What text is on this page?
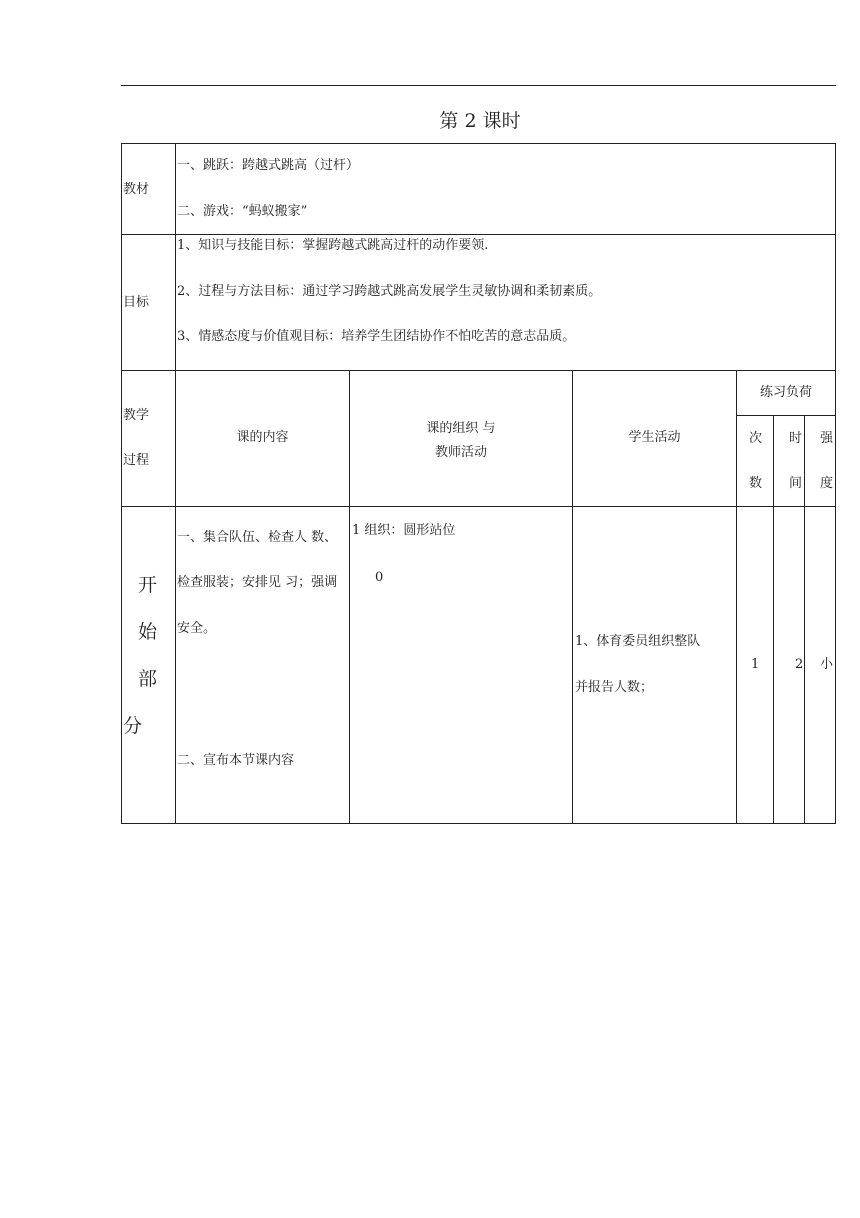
第 2 课时
教材
一、跳跃：跨越式跳高（过杆）
二、游戏：“蚂蚁搬家”
目标
1、知识与技能目标：掌握跨越式跳高过杆的动作要领.
2、过程与方法目标：通过学习跨越式跳高发展学生灵敏协调和柔韧素质。
3、情感态度与价值观目标：培养学生团结协作不怕吃苦的意志品质。
教学
过程
课的内容
课的组织 与
教师活动
学生活动
练习负荷
次
数
时
间
强
度
开
始
部
分
一、集合队伍、检查人 数、
检查服装；安排见 习；强调
安全。
二、宣布本节课内容
1 组织：圆形站位
0
1、体育委员组织整队
并报告人数；
1	2 小
